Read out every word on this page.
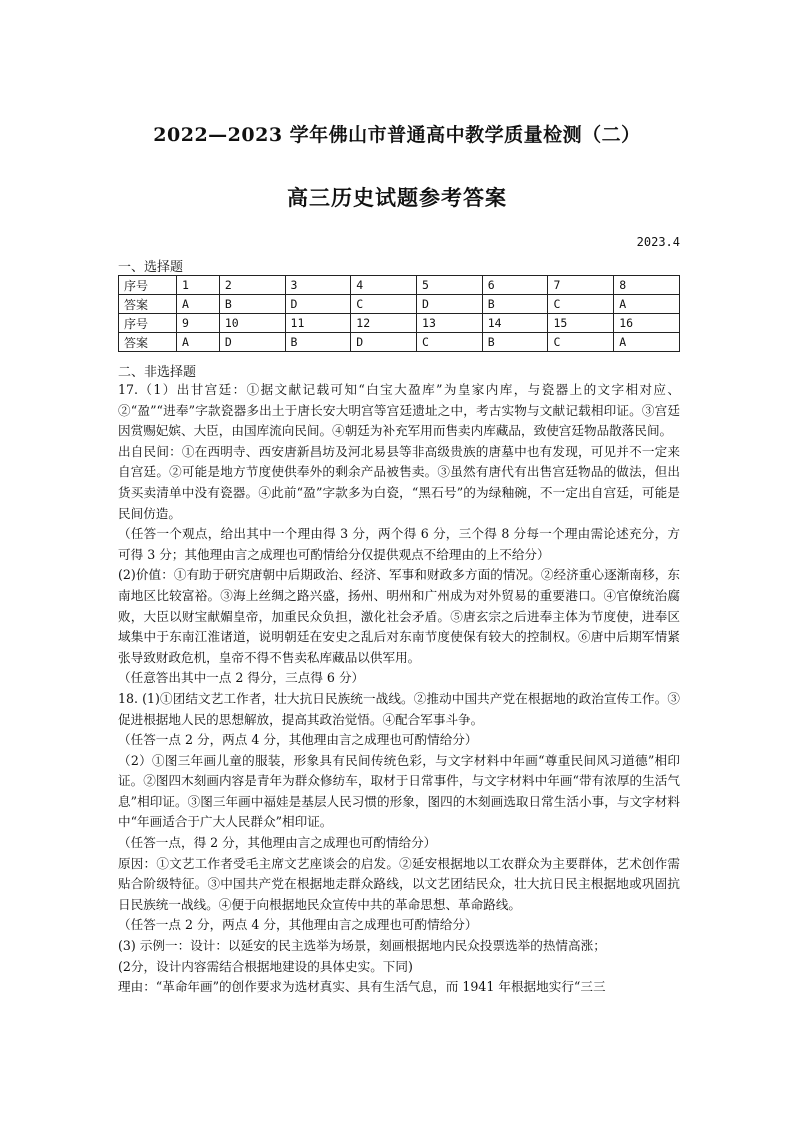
2022—2023 学年佛山市普通高中教学质量检测（二）
高三历史试题参考答案
2023.4
一、选择题
序号	1	2	3	4	5	6	7	8
答案	A	B	D	C	D	B	C	A
序号	9	10	11	12	13	14	15	16
答案	A	D	B	D	C	B	C	A
二、非选择题

17.（1）出甘宫廷：①据文献记载可知“白宝大盈库”为皇家内库，与瓷器上的文字相对应、②“盈”“进奉”字款瓷器多出土于唐长安大明宫等宫廷遗址之中，考古实物与文献记载相印证。③宫廷因赏赐妃嫔、大臣，由国库流向民间。④朝廷为补充军用而售卖内库藏品，致使宫廷物品散落民间。

出自民间：①在西明寺、西安唐新昌坊及河北易县等非高级贵族的唐墓中也有发现，可见并不一定来自宫廷。②可能是地方节度使供奉外的剩余产品被售卖。③虽然有唐代有出售宫廷物品的做法，但出货买卖清单中没有瓷器。④此前“盈”字款多为白瓷，“黑石号”的为绿釉碗，不一定出自宫廷，可能是民间仿造。

（任答一个观点，给出其中一个理由得 3 分，两个得 6 分，三个得 8 分每一个理由需论述充分，方可得 3 分；其他理由言之成理也可酌情给分仅提供观点不给理由的上不给分）

(2)价值：①有助于研究唐朝中后期政治、经济、军事和财政多方面的情况。②经济重心逐渐南移，东南地区比较富裕。③海上丝绸之路兴盛，扬州、明州和广州成为对外贸易的重要港口。④官僚统治腐败，大臣以财宝献媚皇帝，加重民众负担，激化社会矛盾。⑤唐玄宗之后进奉主体为节度使，进奉区域集中于东南江淮诸道，说明朝廷在安史之乱后对东南节度使保有较大的控制权。⑥唐中后期军情紧张导致财政危机，皇帝不得不售卖私库藏品以供军用。

（任意答出其中一点 2 得分，三点得 6 分）

18. (1)①团结文艺工作者，壮大抗日民族统一战线。②推动中国共产党在根据地的政治宣传工作。③促进根据地人民的思想解放，提高其政治觉悟。④配合军事斗争。

（任答一点 2 分，两点 4 分，其他理由言之成理也可酌情给分）

（2）①图三年画儿童的服装，形象具有民间传统色彩，与文字材料中年画“尊重民间风习道德”相印证。②图四木刻画内容是青年为群众修纺车，取材于日常事件，与文字材料中年画“带有浓厚的生活气息”相印证。③图三年画中福娃是基层人民习惯的形象，图四的木刻画选取日常生活小事，与文字材料中“年画适合于广大人民群众”相印证。

（任答一点，得 2 分，其他理由言之成理也可酌情给分）

原因：①文艺工作者受毛主席文艺座谈会的启发。②延安根据地以工农群众为主要群体，艺术创作需贴合阶级特征。③中国共产党在根据地走群众路线，以文艺团结民众，壮大抗日民主根据地或巩固抗日民族统一战线。④便于向根据地民众宣传中共的革命思想、革命路线。

（任答一点 2 分，两点 4 分，其他理由言之成理也可酌情给分）

(3) 示例一：设计：以延安的民主选举为场景，刻画根据地内民众投票选举的热情高涨；

(2分，设计内容需结合根据地建设的具体史实。下同)

理由：“革命年画”的创作要求为选材真实、具有生活气息，而 1941 年根据地实行“三三
